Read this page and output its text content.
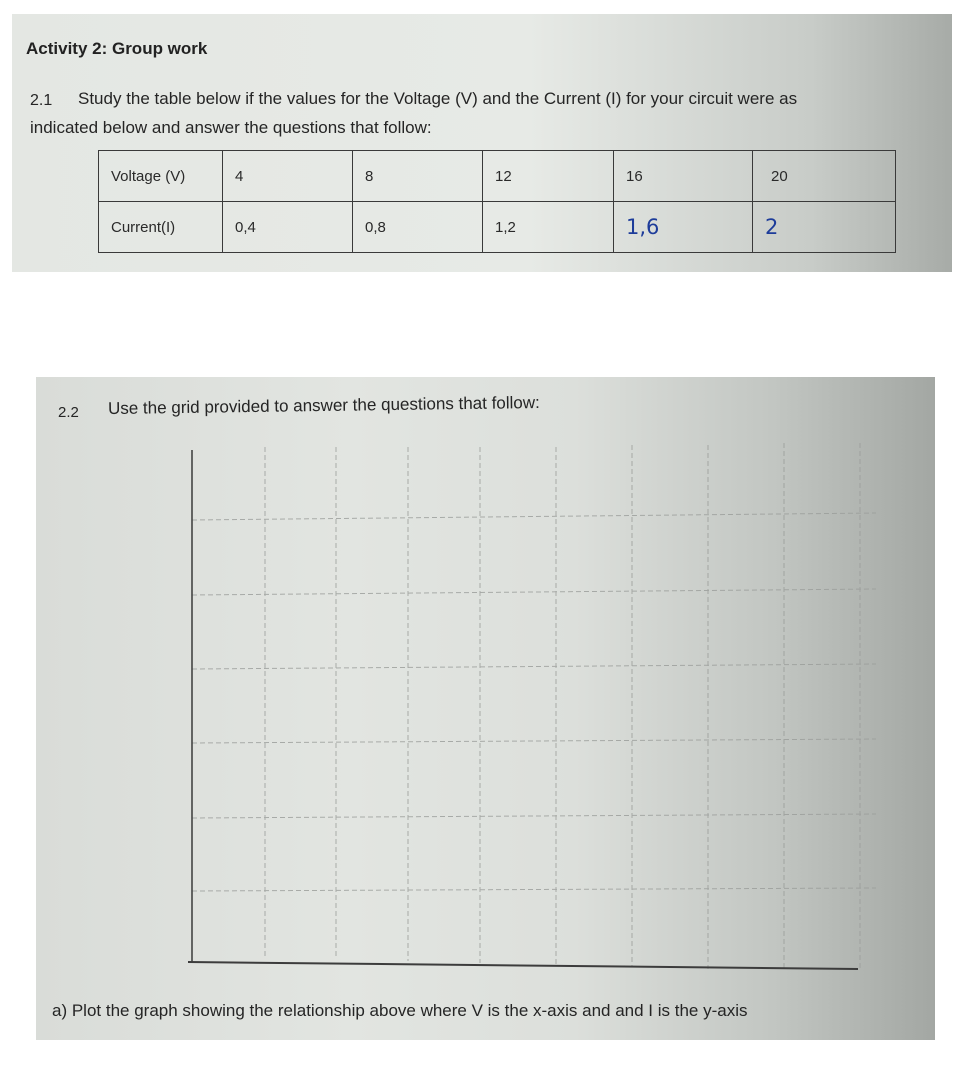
Activity 2: Group work
2.1 Study the table below if the values for the Voltage (V) and the Current (I) for your circuit were as
indicated below and answer the questions that follow:
Voltage (V)	4	8	12	16	20
Current(I)	0,4	0,8	1,2	1,6	2
2.2 Use the grid provided to answer the questions that follow:
a) Plot the graph showing the relationship above where V is the x-axis and and I is the y-axis
